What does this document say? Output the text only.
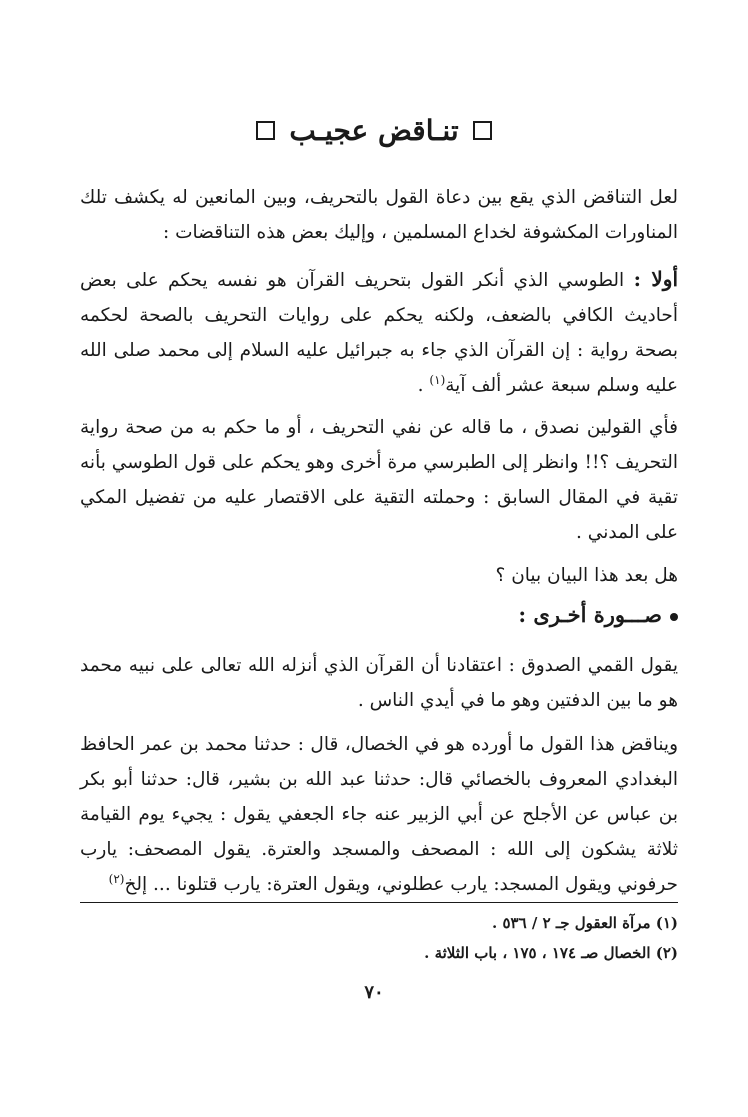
تنـاقض عجيـب

لعل التناقض الذي يقع بين دعاة القول بالتحريف، وبين المانعين له يكشف تلك المناورات المكشوفة لخداع المسلمين ، وإليك بعض هذه التناقضات :

أولا : الطوسي الذي أنكر القول بتحريف القرآن هو نفسه يحكم على بعض أحاديث الكافي بالضعف، ولكنه يحكم على روايات التحريف بالصحة لحكمه بصحة رواية : إن القرآن الذي جاء به جبرائيل عليه السلام إلى محمد صلى الله عليه وسلم سبعة عشر ألف آية$^{(١)}$ .

فأي القولين نصدق ، ما قاله عن نفي التحريف ، أو ما حكم به من صحة رواية التحريف ؟!! وانظر إلى الطبرسي مرة أخرى وهو يحكم على قول الطوسي بأنه تقية في المقال السابق : وحملته التقية على الاقتصار عليه من تفضيل المكي على المدني .

هل بعد هذا البيان بيان ؟

صـــورة أخـرى :

يقول القمي الصدوق : اعتقادنا أن القرآن الذي أنزله الله تعالى على نبيه محمد هو ما بين الدفتين وهو ما في أيدي الناس .

ويناقض هذا القول ما أورده هو في الخصال، قال : حدثنا محمد بن عمر الحافظ البغدادي المعروف بالخصائي قال: حدثنا عبد الله بن بشير، قال: حدثنا أبو بكر بن عباس عن الأجلح عن أبي الزبير عنه جاء الجعفي يقول : يجيء يوم القيامة ثلاثة يشكون إلى الله : المصحف والمسجد والعترة. يقول المصحف: يارب حرفوني ويقول المسجد: يارب عطلوني، ويقول العترة: يارب قتلونا ... إلخ$^{(٢)}$

(١) مرآة العقول جـ ٢ / ٥٣٦ .
(٢) الخصال صـ ١٧٤ ، ١٧٥ ، باب الثلاثة .
٧٠
